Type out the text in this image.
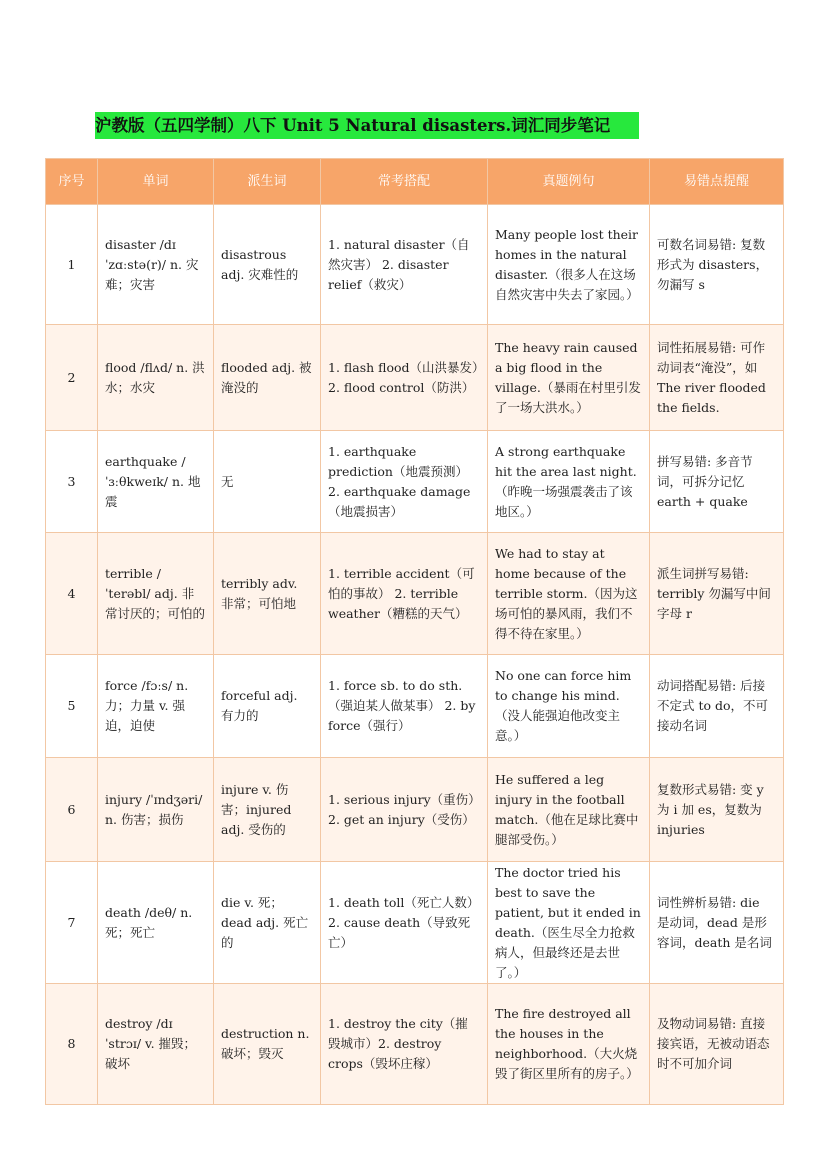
沪教版（五四学制）八下 Unit 5 Natural disasters.词汇同步笔记
序号	单词	派生词	常考搭配	真题例句	易错点提醒
1	disaster /dɪˈzɑːstə(r)/ n. 灾难；灾害	disastrous adj. 灾难性的	1. natural disaster（自然灾害） 2. disaster relief（救灾）	Many people lost their homes in the natural disaster.（很多人在这场自然灾害中失去了家园。）	可数名词易错: 复数形式为 disasters，勿漏写 s
2	flood /flʌd/ n. 洪水；水灾	flooded adj. 被淹没的	1. flash flood（山洪暴发）2. flood control（防洪）	The heavy rain caused a big flood in the village.（暴雨在村里引发了一场大洪水。）	词性拓展易错: 可作动词表“淹没”，如 The river flooded the fields.
3	earthquake /ˈɜːθkweɪk/ n. 地震	无	1. earthquake prediction（地震预测） 2. earthquake damage（地震损害）	A strong earthquake hit the area last night.（昨晚一场强震袭击了该地区。）	拼写易错: 多音节词，可拆分记忆 earth + quake
4	terrible /ˈterəbl/ adj. 非常讨厌的；可怕的	terribly adv. 非常；可怕地	1. terrible accident（可怕的事故） 2. terrible weather（糟糕的天气）	We had to stay at home because of the terrible storm.（因为这场可怕的暴风雨，我们不得不待在家里。）	派生词拼写易错: terribly 勿漏写中间字母 r
5	force /fɔːs/ n. 力；力量 v. 强迫，迫使	forceful adj. 有力的	1. force sb. to do sth.（强迫某人做某事） 2. by force（强行）	No one can force him to change his mind.（没人能强迫他改变主意。）	动词搭配易错: 后接不定式 to do，不可接动名词
6	injury /ˈɪndʒəri/ n. 伤害；损伤	injure v. 伤害；injured adj. 受伤的	1. serious injury（重伤）2. get an injury（受伤）	He suffered a leg injury in the football match.（他在足球比赛中腿部受伤。）	复数形式易错: 变 y 为 i 加 es，复数为 injuries
7	death /deθ/ n. 死；死亡	die v. 死；dead adj. 死亡的	1. death toll（死亡人数）2. cause death（导致死亡）	The doctor tried his best to save the patient, but it ended in death.（医生尽全力抢救病人，但最终还是去世了。）	词性辨析易错: die 是动词，dead 是形容词，death 是名词
8	destroy /dɪˈstrɔɪ/ v. 摧毁；破坏	destruction n. 破坏；毁灭	1. destroy the city（摧毁城市）2. destroy crops（毁坏庄稼）	The fire destroyed all the houses in the neighborhood.（大火烧毁了街区里所有的房子。）	及物动词易错: 直接接宾语，无被动语态时不可加介词
